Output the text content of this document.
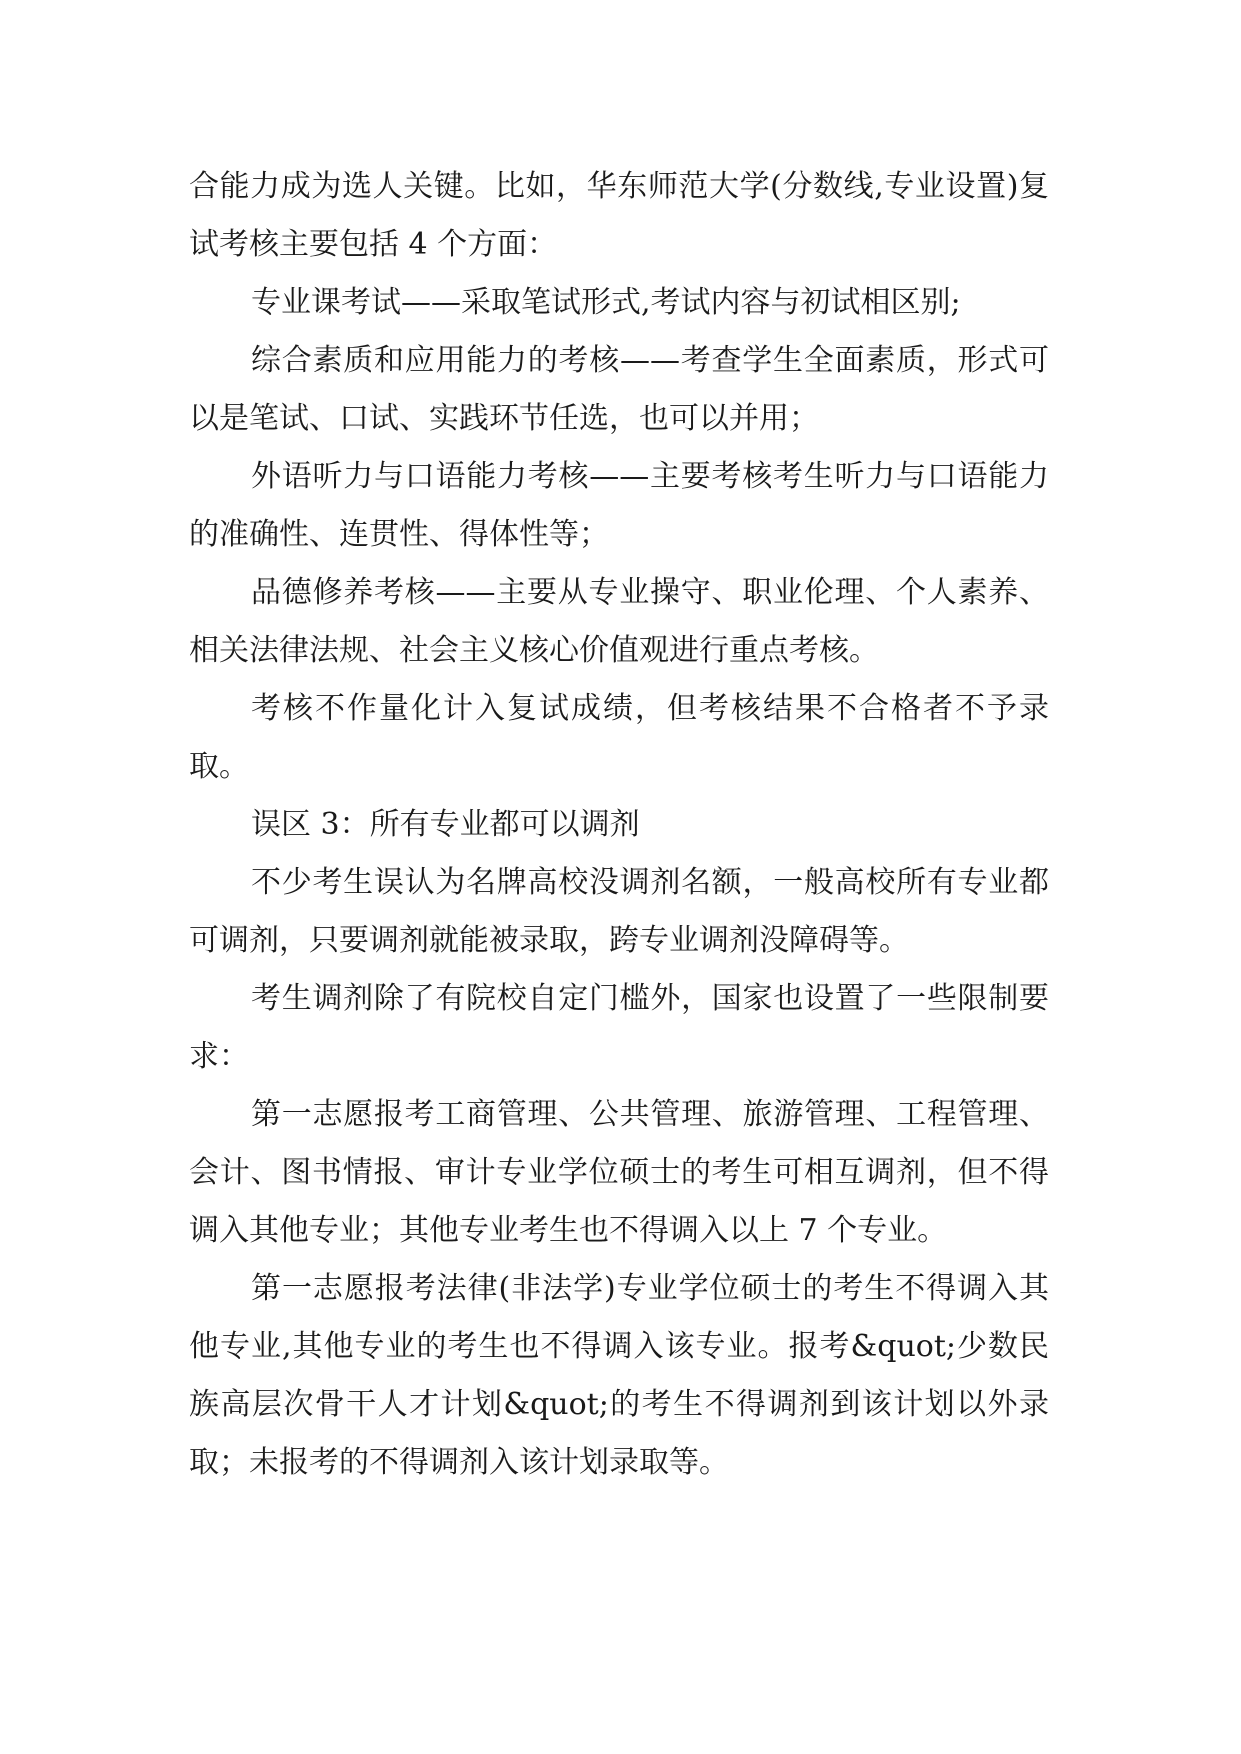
合能力成为选人关键。比如，华东师范大学(分数线,专业设置)复试考核主要包括 4 个方面：

专业课考试——采取笔试形式,考试内容与初试相区别;

综合素质和应用能力的考核——考查学生全面素质，形式可以是笔试、口试、实践环节任选，也可以并用；

外语听力与口语能力考核——主要考核考生听力与口语能力的准确性、连贯性、得体性等；

品德修养考核——主要从专业操守、职业伦理、个人素养、相关法律法规、社会主义核心价值观进行重点考核。

考核不作量化计入复试成绩，但考核结果不合格者不予录取。

误区 3：所有专业都可以调剂

不少考生误认为名牌高校没调剂名额，一般高校所有专业都可调剂，只要调剂就能被录取，跨专业调剂没障碍等。

考生调剂除了有院校自定门槛外，国家也设置了一些限制要求：

第一志愿报考工商管理、公共管理、旅游管理、工程管理、会计、图书情报、审计专业学位硕士的考生可相互调剂，但不得调入其他专业；其他专业考生也不得调入以上 7 个专业。

第一志愿报考法律(非法学)专业学位硕士的考生不得调入其他专业,其他专业的考生也不得调入该专业。报考&quot;少数民族高层次骨干人才计划&quot;的考生不得调剂到该计划以外录取；未报考的不得调剂入该计划录取等。
